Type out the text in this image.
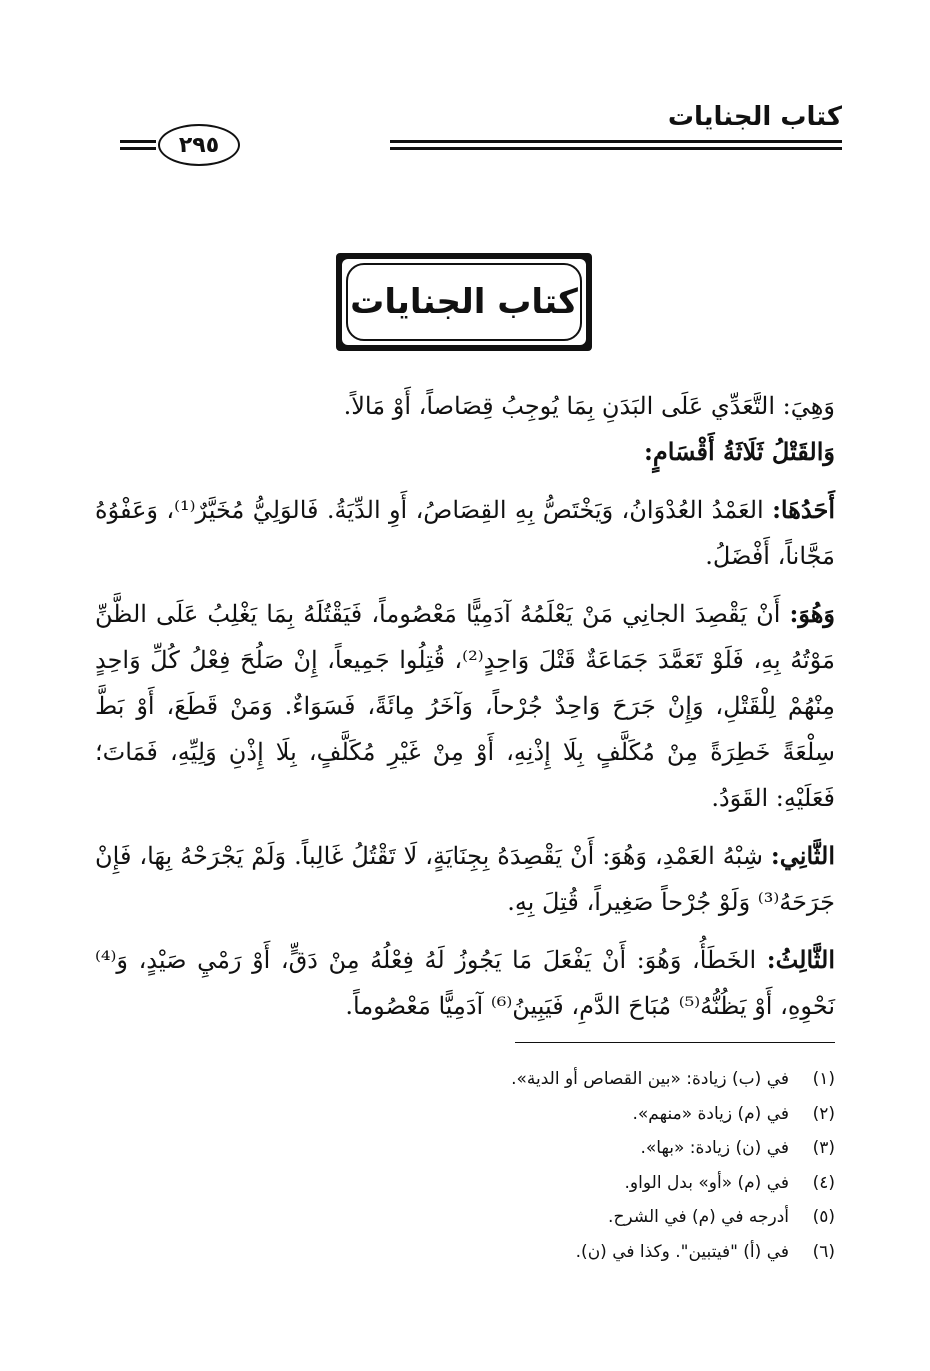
كتاب الجنايات
٢٩٥
كتاب الجنايات

وَهِيَ: التَّعَدِّي عَلَى البَدَنِ بِمَا يُوجِبُ قِصَاصاً، أَوْ مَالاً.

وَالقَتْلُ ثَلَاثَةُ أَقْسَامٍ:

أَحَدُهَا: العَمْدُ العُدْوَانُ، وَيَخْتَصُّ بِهِ القِصَاصُ، أَوِ الدِّيَةُ. فَالوَلِيُّ مُخَيَّرٌ⁽¹⁾، وَعَفْوُهُ مَجَّاناً، أَفْضَلُ.

وَهُوَ: أَنْ يَقْصِدَ الجانِي مَنْ يَعْلَمُهُ آدَمِيًّا مَعْصُوماً، فَيَقْتُلَهُ بِمَا يَغْلِبُ عَلَى الظَّنِّ مَوْتُهُ بِهِ، فَلَوْ تَعَمَّدَ جَمَاعَةٌ قَتْلَ وَاحِدٍ⁽²⁾، قُتِلُوا جَمِيعاً، إِنْ صَلُحَ فِعْلُ كُلِّ وَاحِدٍ مِنْهُمْ لِلْقَتْلِ، وَإِنْ جَرَحَ وَاحِدٌ جُرْحاً، وَآخَرُ مِائَةً، فَسَوَاءٌ. وَمَنْ قَطَعَ، أَوْ بَطَّ سِلْعَةً خَطِرَةً مِنْ مُكَلَّفٍ بِلَا إِذْنِهِ، أَوْ مِنْ غَيْرِ مُكَلَّفٍ، بِلَا إِذْنِ وَلِيِّهِ، فَمَاتَ؛ فَعَلَيْهِ: القَوَدُ.

الثَّانِي: شِبْهُ العَمْدِ، وَهُوَ: أَنْ يَقْصِدَهُ بِجِنَايَةٍ، لَا تَقْتُلُ غَالِباً. وَلَمْ يَجْرَحْهُ بِهَا، فَإِنْ جَرَحَهُ⁽³⁾ وَلَوْ جُرْحاً صَغِيراً، قُتِلَ بِهِ.

الثَّالِثُ: الخَطَأُ، وَهُوَ: أَنْ يَفْعَلَ مَا يَجُوزُ لَهُ فِعْلُهُ مِنْ دَقٍّ، أَوْ رَمْيِ صَيْدٍ، وَ⁽⁴⁾نَحْوِهِ، أَوْ يَظُنُّهُ⁽⁵⁾ مُبَاحَ الدَّمِ، فَيَبِينُ⁽⁶⁾ آدَمِيًّا مَعْصُوماً.

(١)
في (ب) زيادة: «بين القصاص أو الدية».
(٢)
في (م) زيادة «منهم».
(٣)
في (ن) زيادة: «بها».
(٤)
في (م) «أو» بدل الواو.
(٥)
أدرجه في (م) في الشرح.
(٦)
في (أ) "فيتبين". وكذا في (ن).
